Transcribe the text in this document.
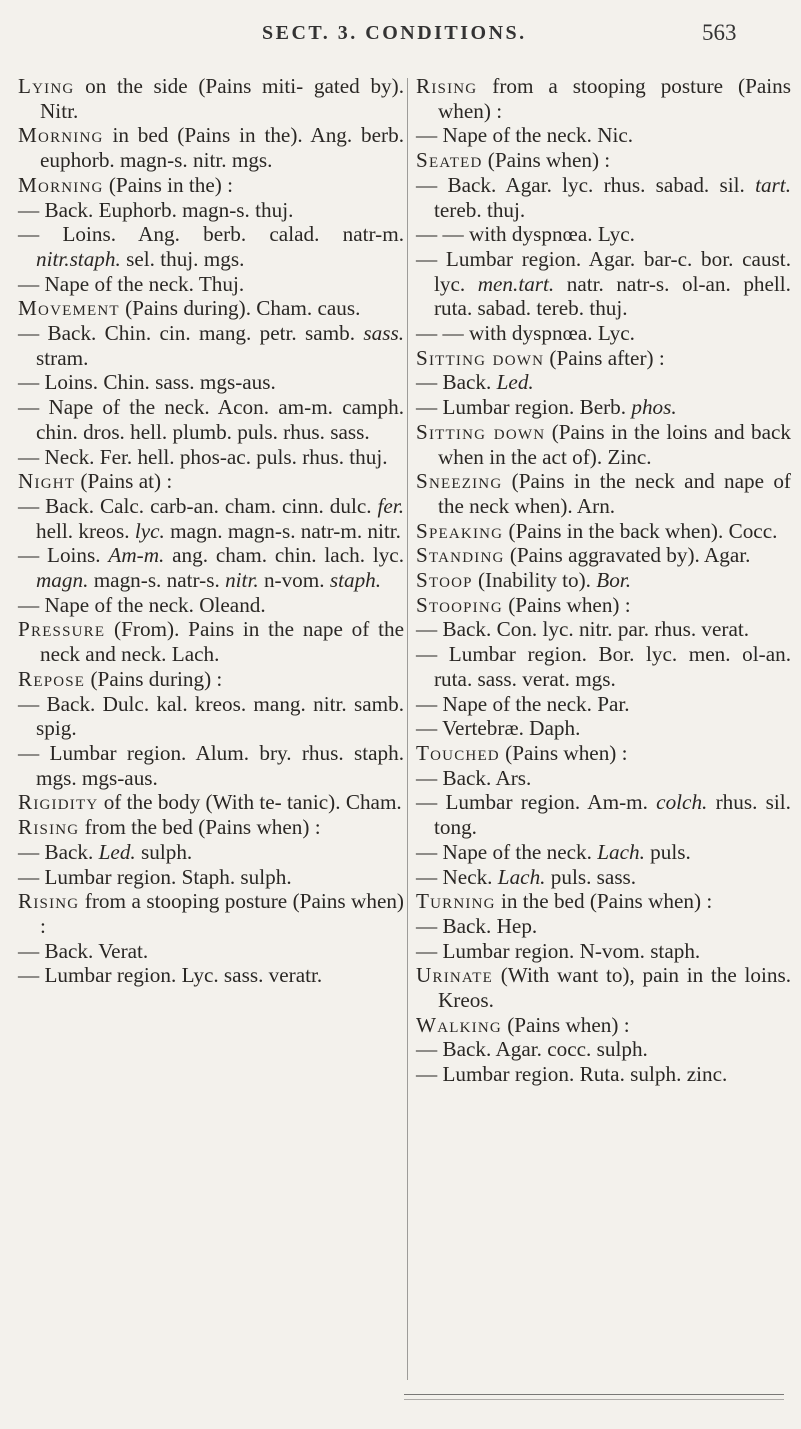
SECT. 3. CONDITIONS.	563

Lying on the side (Pains miti- gated by). Nitr.

Morning in bed (Pains in the). Ang. berb. euphorb. magn-s. nitr. mgs.

Morning (Pains in the) :

— Back. Euphorb. magn-s. thuj.

— Loins. Ang. berb. calad. natr-m. nitr.staph. sel. thuj. mgs.

— Nape of the neck. Thuj.

Movement (Pains during). Cham. caus.

— Back. Chin. cin. mang. petr. samb. sass. stram.

— Loins. Chin. sass. mgs-aus.

— Nape of the neck. Acon. am-m. camph. chin. dros. hell. plumb. puls. rhus. sass.

— Neck. Fer. hell. phos-ac. puls. rhus. thuj.

Night (Pains at) :

— Back. Calc. carb-an. cham. cinn. dulc. fer. hell. kreos. lyc. magn. magn-s. natr-m. nitr.

— Loins. Am-m. ang. cham. chin. lach. lyc. magn. magn-s. natr-s. nitr. n-vom. staph.

— Nape of the neck. Oleand.

Pressure (From). Pains in the nape of the neck and neck. Lach.

Repose (Pains during) :

— Back. Dulc. kal. kreos. mang. nitr. samb. spig.

— Lumbar region. Alum. bry. rhus. staph. mgs. mgs-aus.

Rigidity of the body (With te- tanic). Cham.

Rising from the bed (Pains when) :

— Back. Led. sulph.

— Lumbar region. Staph. sulph.

Rising from a stooping posture (Pains when) :

— Back. Verat.

— Lumbar region. Lyc. sass. veratr.

Rising from a stooping posture (Pains when) :

— Nape of the neck. Nic.

Seated (Pains when) :

— Back. Agar. lyc. rhus. sabad. sil. tart. tereb. thuj.

— — with dyspnœa. Lyc.

— Lumbar region. Agar. bar-c. bor. caust. lyc. men.tart. natr. natr-s. ol-an. phell. ruta. sabad. tereb. thuj.

— — with dyspnœa. Lyc.

Sitting down (Pains after) :

— Back. Led.

— Lumbar region. Berb. phos.

Sitting down (Pains in the loins and back when in the act of). Zinc.

Sneezing (Pains in the neck and nape of the neck when). Arn.

Speaking (Pains in the back when). Cocc.

Standing (Pains aggravated by). Agar.

Stoop (Inability to). Bor.

Stooping (Pains when) :

— Back. Con. lyc. nitr. par. rhus. verat.

— Lumbar region. Bor. lyc. men. ol-an. ruta. sass. verat. mgs.

— Nape of the neck. Par.

— Vertebræ. Daph.

Touched (Pains when) :

— Back. Ars.

— Lumbar region. Am-m. colch. rhus. sil. tong.

— Nape of the neck. Lach. puls.

— Neck. Lach. puls. sass.

Turning in the bed (Pains when) :

— Back. Hep.

— Lumbar region. N-vom. staph.

Urinate (With want to), pain in the loins. Kreos.

Walking (Pains when) :

— Back. Agar. cocc. sulph.

— Lumbar region. Ruta. sulph. zinc.
